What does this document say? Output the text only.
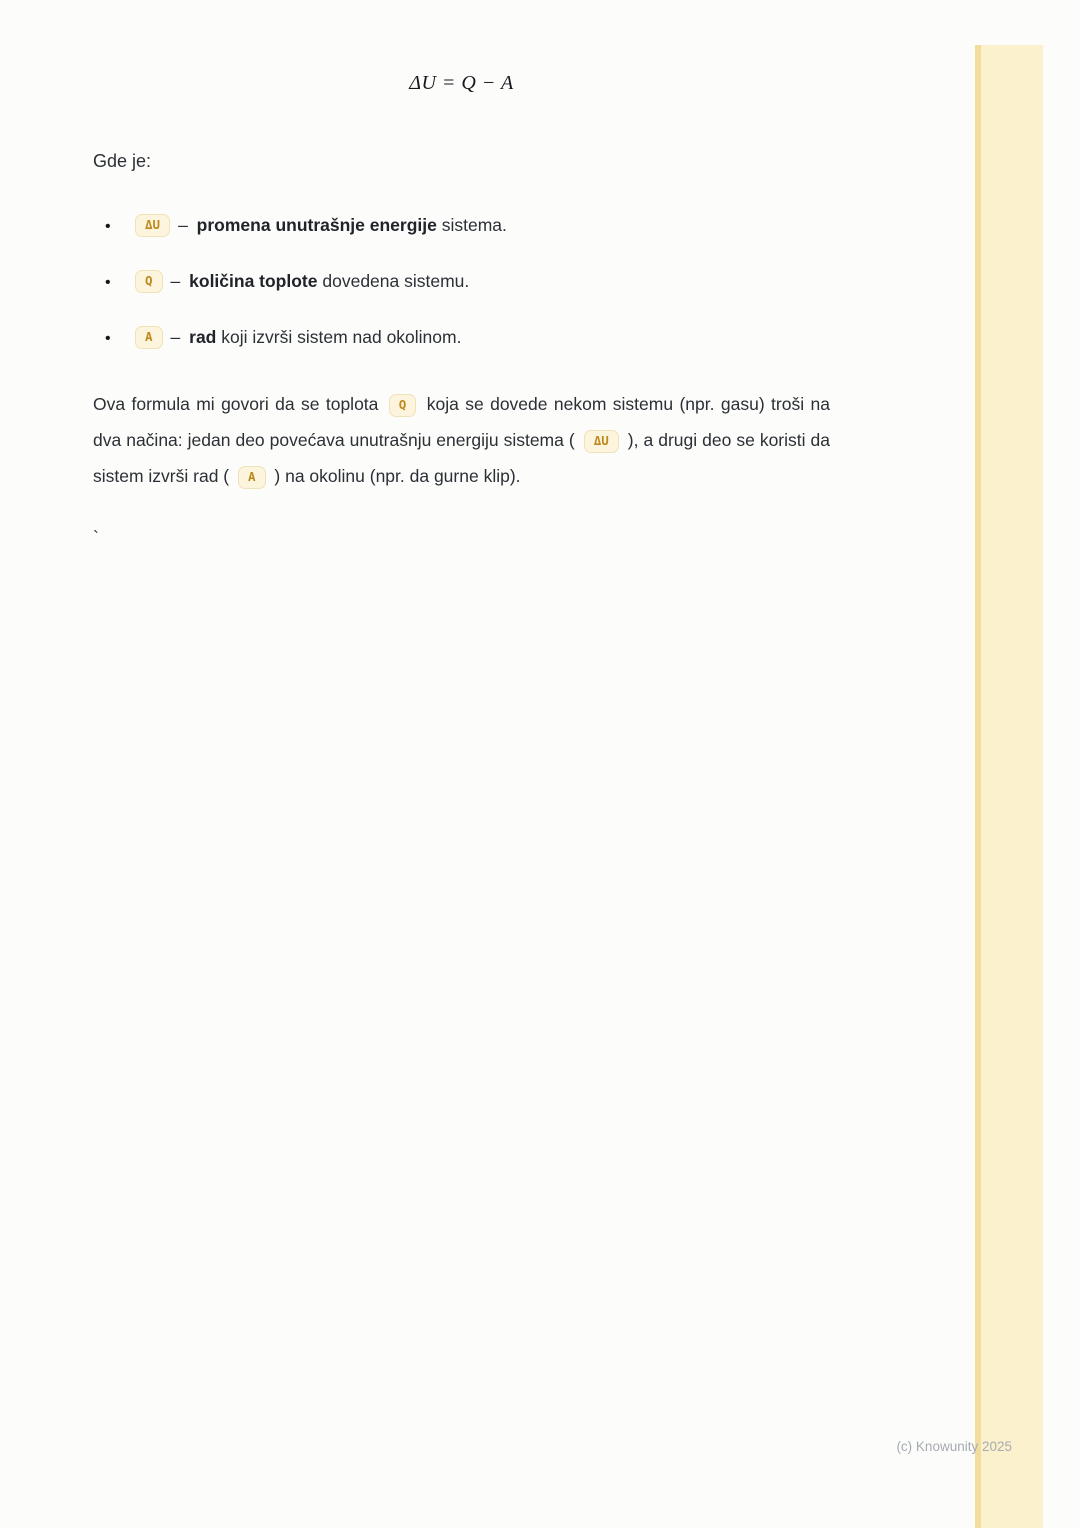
ΔU = Q − A

Gde je:

•	ΔU – promena unutrašnje energije sistema.
•	Q – količina toplote dovedena sistemu.
•	A – rad koji izvrši sistem nad okolinom.

Ova formula mi govori da se toplota Q koja se dovede nekom sistemu (npr. gasu) troši na dva načina: jedan deo povećava unutrašnju energiju sistema ( ΔU ), a drugi deo se koristi da sistem izvrši rad ( A ) na okolinu (npr. da gurne klip).

`
(c) Knowunity 2025
